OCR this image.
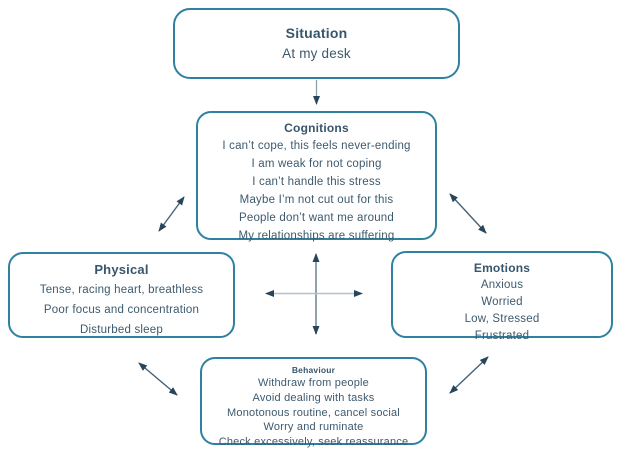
Situation
At my desk
Cognitions
I can’t cope, this feels never-ending
I am weak for not coping
I can’t handle this stress
Maybe I’m not cut out for this
People don’t want me around
My relationships are suffering
Physical
Tense, racing heart, breathless
Poor focus and concentration
Disturbed sleep
Emotions
Anxious
Worried
Low, Stressed
Frustrated
Behaviour
Withdraw from people
Avoid dealing with tasks
Monotonous routine, cancel social
Worry and ruminate
Check excessively, seek reassurance
